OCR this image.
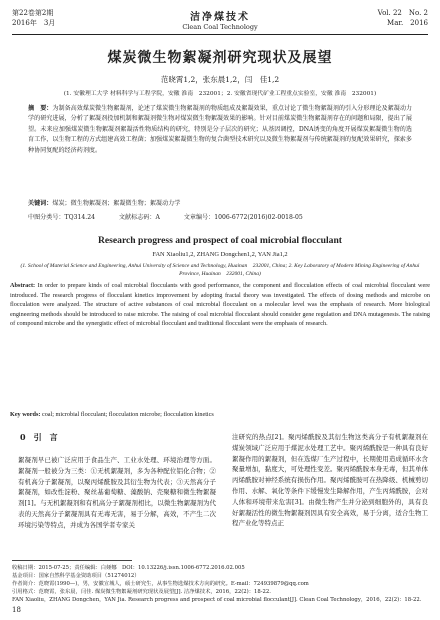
第22卷第2期
2016年　3月	洁净煤技术
Clean Coal Technology
Vol. 22　No. 2
Mar.　2016
煤炭微生物絮凝剂研究现状及展望
范晓霄1,2，张东晨1,2，闫　佳1,2
(1. 安徽理工大学 材料科学与工程学院，安徽 淮南　232001；2. 安徽省现代矿业工程重点实验室，安徽 淮南　232001)
摘　要：为制备高效煤炭微生物絮凝剂，论述了煤炭微生物絮凝剂的物质组成及絮凝效果，重点讨论了微生物絮凝剂的引入分形理论及絮凝动力学的研究进展，分析了絮凝剂投加机制和絮凝剂微生物对煤炭微生物絮凝效果的影响。针对目前煤炭微生物絮凝剂存在的问题和局限，提出了展望。未来应加强煤炭微生物絮凝剂絮凝活性物质结构的研究，特别是分子层次的研究；从基因调控，DNA诱变的角度开展煤炭絮凝微生物的选育工作，以生物工程的方式组建高效工程菌；加强煤炭絮凝微生物的复合菌型技术研究以及微生物絮凝剂与传统絮凝剂的复配效果研究，探索多种协同复配的经济药剂度。
关键词：煤炭；微生物絮凝剂；絮凝微生物；絮凝动力学
中图分类号：TQ314.24	文献标志码：A	文章编号：1006-6772(2016)02-0018-05
Research progress and prospect of coal microbial flocculant
FAN Xiaoliu1,2, ZHANG Dongchen1,2, YAN Jia1,2
(1. School of Material Science and Engineering, Anhui University of Science and Technology, Huainan　232001, China; 2. Key Laboratory of Modern Mining Engineering of Anhui Province, Huainan　232001, China)
Abstract: In order to prepare kinds of coal microbial flocculants with good performance, the component and flocculation effects of coal microbial flocculant were introduced. The research progress of flocculant kinetics improvement by adopting fractal theory was investigated. The effects of dosing methods and microbe on flocculation were analyzed. The structure of active substances of coal microbial flocculant on a molecular level was the emphasis of research. More biological engineering methods should be introduced to raise microbe. The raising of coal microbial flocculant should consider gene regulation and DNA mutagenesis. The raising of compound microbe and the synergistic effect of microbial flocculant and traditional flocculant were the emphasis of research.
Key words: coal; microbial flocculant; flocculation microbe; flocculation kinetics
0　引　言
絮凝剂早已被广泛应用于食品生产、工业水处理、环境治理等方面。絮凝剂一般被分为三类：①无机絮凝剂，多为各种配位铝化合物；②有机高分子絮凝剂，以聚丙烯酰胺及其衍生物为代表；③天然高分子絮凝剂，如改性淀粉、聚丝基葡萄糖、藻酸钠、壳聚糖和微生物絮凝剂[1]。与无机絮凝剂和有机高分子絮凝剂相比，以微生物絮凝剂为代表的天然高分子絮凝剂具有无毒无害，易于分解，高效，不产生二次环境污染等特点，并成为各国学者专家关
注研究的热点[2]。聚丙烯酰胺及其衍生物这类高分子有机絮凝剂在煤炭领域广泛应用于煤泥水处理工艺中。聚丙烯酰胺是一种具有良好絮凝作用的絮凝剂，但在选煤厂生产过程中，长期使用造成循环水含聚量增加，黏度大，可处理性变差。聚丙烯酰胺本身无毒，但其单体丙烯酰胺对神经系统有损伤作用。聚丙烯酰胺可在热降级、机械剪切作用、水解、氧化等条件下缓慢发生降解作用，产生丙烯酰胺，会对人体和环境带来危害[3]。由微生物产生并分泌到细胞外的，具有良好絮凝活性的微生物絮凝剂因具有安全高效，易于分离，适合生物工程产业化等特点正
收稿日期：2015-07-25；责任编辑：白娅娜　DOI：10.13226/j.issn.1006-6772.2016.02.005
基金项目：国家自然科学基金资助项目（51274012）
作者简介：范晓霄(1990—)，男，安徽宣城人，硕士研究生，从事生物选煤技术方向的研究。E-mail：724939879@qq.com
引用格式：范晓霄，张东晨，闫佳. 煤炭微生物絮凝剂研究现状及展望[J]. 洁净煤技术，2016，22(2)：18-22.
FAN Xiaoliu，ZHANG Dongchen，YAN Jia. Research progress and prospect of coal microbial flocculant[J]. Clean Coal Technology，2016，22(2)：18-22.
18
